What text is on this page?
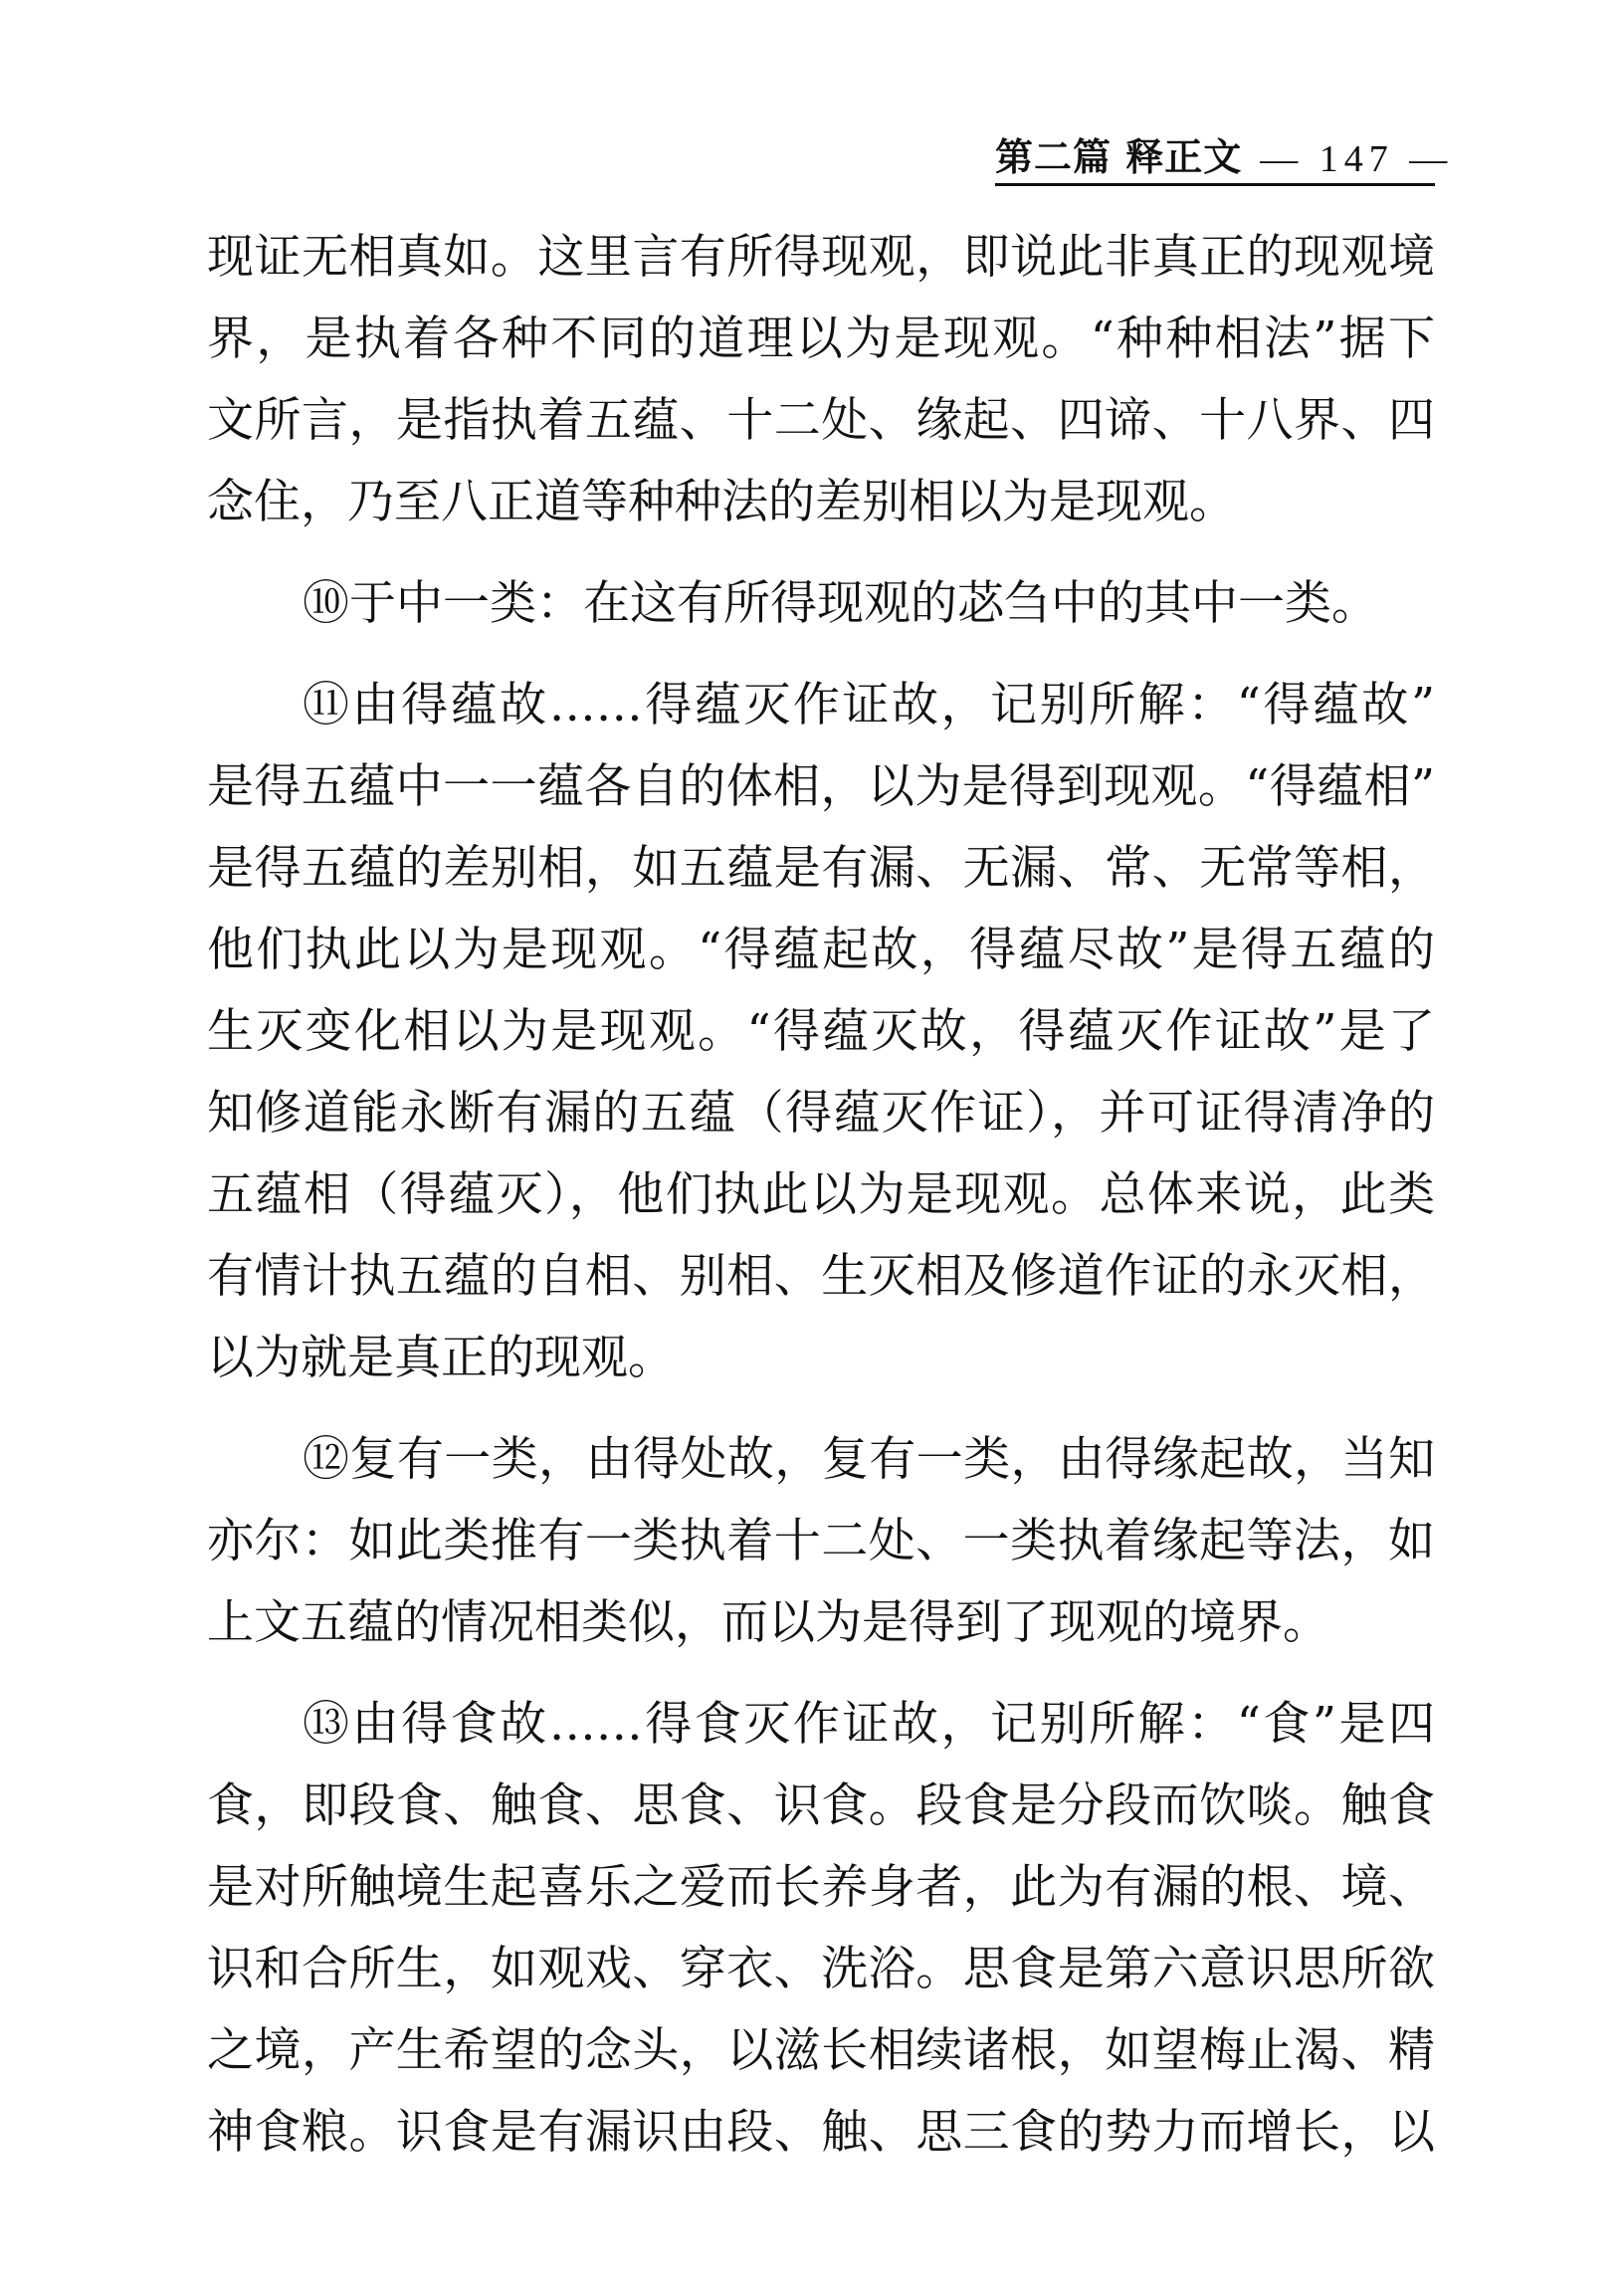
第二篇 释正文 — 147 —
现证无相真如。这里言有所得现观，即说此非真正的现观境
界，是执着各种不同的道理以为是现观。“种种相法”据下
文所言，是指执着五蕴、十二处、缘起、四谛、十八界、四
念住，乃至八正道等种种法的差别相以为是现观。
⑩于中一类：在这有所得现观的苾刍中的其中一类。
⑪由得蕴故……得蕴灭作证故，记别所解：“得蕴故”
是得五蕴中一一蕴各自的体相，以为是得到现观。“得蕴相”
是得五蕴的差别相，如五蕴是有漏、无漏、常、无常等相，
他们执此以为是现观。“得蕴起故，得蕴尽故”是得五蕴的
生灭变化相以为是现观。“得蕴灭故，得蕴灭作证故”是了
知修道能永断有漏的五蕴（得蕴灭作证），并可证得清净的
五蕴相（得蕴灭），他们执此以为是现观。总体来说，此类
有情计执五蕴的自相、别相、生灭相及修道作证的永灭相，
以为就是真正的现观。
⑫复有一类，由得处故，复有一类，由得缘起故，当知
亦尔：如此类推有一类执着十二处、一类执着缘起等法，如
上文五蕴的情况相类似，而以为是得到了现观的境界。
⑬由得食故……得食灭作证故，记别所解：“食”是四
食，即段食、触食、思食、识食。段食是分段而饮啖。触食
是对所触境生起喜乐之爱而长养身者，此为有漏的根、境、
识和合所生，如观戏、穿衣、洗浴。思食是第六意识思所欲
之境，产生希望的念头，以滋长相续诸根，如望梅止渴、精
神食粮。识食是有漏识由段、触、思三食的势力而增长，以
